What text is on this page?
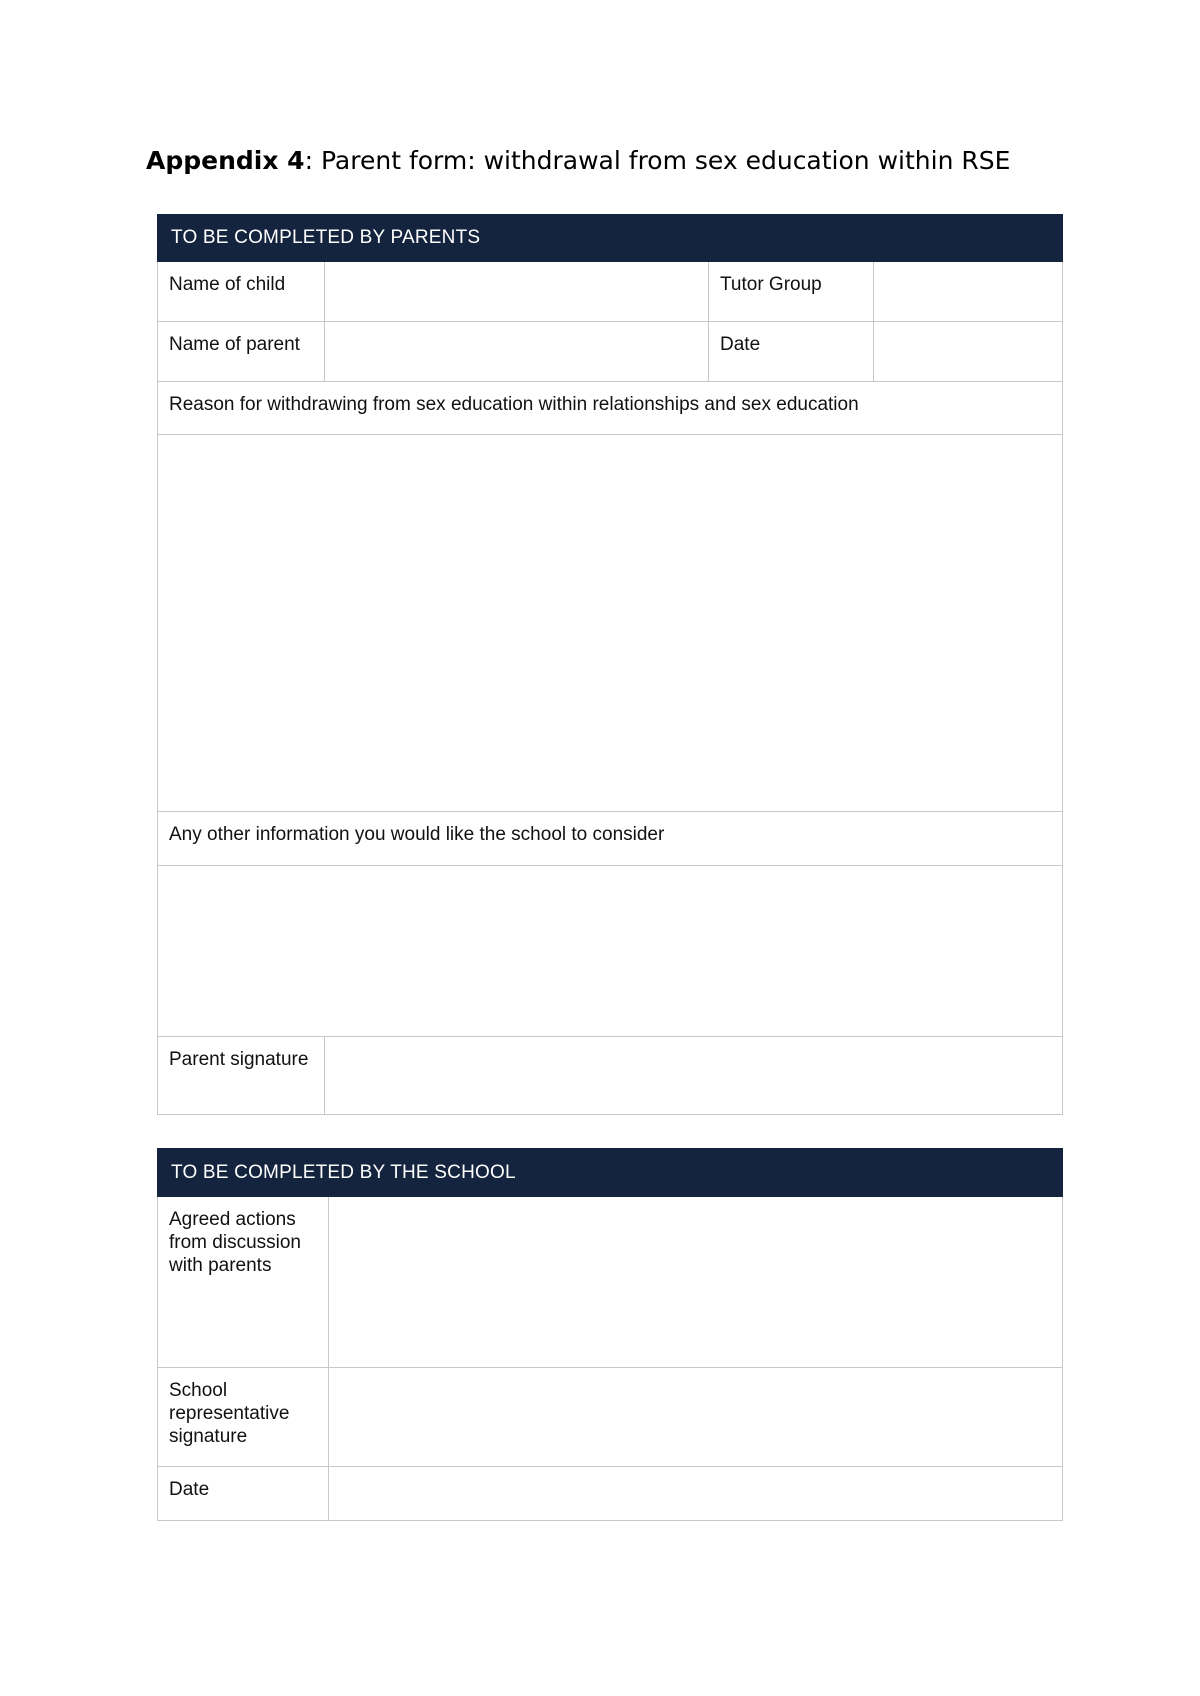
Appendix 4: Parent form: withdrawal from sex education within RSE
TO BE COMPLETED BY PARENTS			
Name of child		Tutor Group	
Name of parent		Date	
Reason for withdrawing from sex education within relationships and sex education			

Any other information you would like the school to consider			

Parent signature			
TO BE COMPLETED BY THE SCHOOL	
Agreed actions from discussion with parents	
School representative signature	
Date	
